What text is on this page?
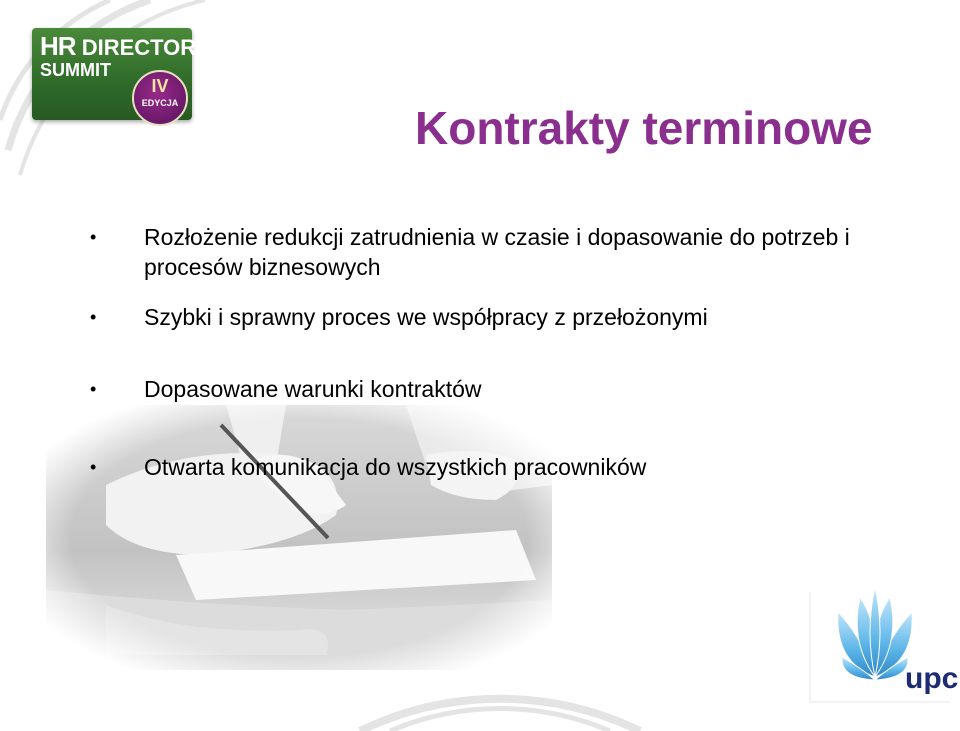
HR DIRECTORS
SUMMIT
IV
EDYCJA	Kontrakty terminowe
• Rozłożenie redukcji zatrudnienia w czasie i dopasowanie do potrzeb i procesów biznesowych
• Szybki i sprawny proces we współpracy z przełożonymi
• Dopasowane warunki kontraktów
• Otwarta komunikacja do wszystkich pracowników
upc
